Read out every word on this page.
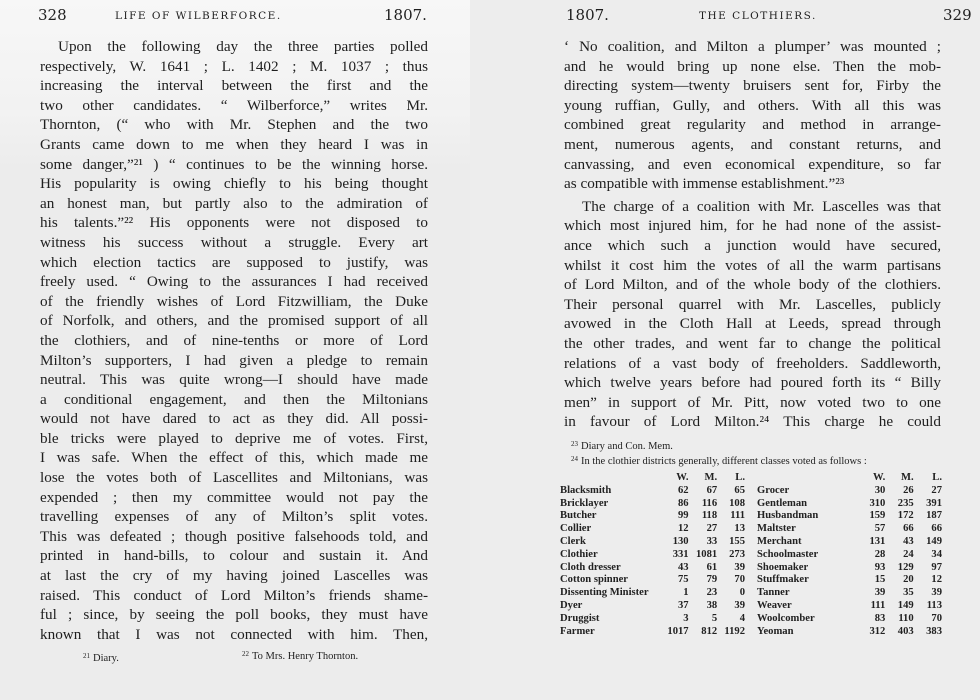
328	LIFE OF WILBERFORCE.	1807.
Upon the following day the three parties polled
respectively, W. 1641 ; L. 1402 ; M. 1037 ; thus
increasing the interval between the first and the
two other candidates. “ Wilberforce,” writes Mr.
Thornton, (“ who with Mr. Stephen and the two
Grants came down to me when they heard I was in
some danger,”²¹ ) “ continues to be the winning horse.
His popularity is owing chiefly to his being thought
an honest man, but partly also to the admiration of
his talents.”²² His opponents were not disposed to
witness his success without a struggle. Every art
which election tactics are supposed to justify, was
freely used. “ Owing to the assurances I had received
of the friendly wishes of Lord Fitzwilliam, the Duke
of Norfolk, and others, and the promised support of all
the clothiers, and of nine-tenths or more of Lord
Milton’s supporters, I had given a pledge to remain
neutral. This was quite wrong—I should have made
a conditional engagement, and then the Miltonians
would not have dared to act as they did. All possi-
ble tricks were played to deprive me of votes. First,
I was safe. When the effect of this, which made me
lose the votes both of Lascellites and Miltonians, was
expended ; then my committee would not pay the
travelling expenses of any of Milton’s split votes.
This was defeated ; though positive falsehoods told, and
printed in hand-bills, to colour and sustain it. And
at last the cry of my having joined Lascelles was
raised. This conduct of Lord Milton’s friends shame-
ful ; since, by seeing the poll books, they must have
known that I was not connected with him. Then,
$^{21}$ Diary.	$^{22}$ To Mrs. Henry Thornton.
1807.	THE CLOTHIERS.	329
‘ No coalition, and Milton a plumper’ was mounted ;
and he would bring up none else. Then the mob-
directing system—twenty bruisers sent for, Firby the
young ruffian, Gully, and others. With all this was
combined great regularity and method in arrange-
ment, numerous agents, and constant returns, and
canvassing, and even economical expenditure, so far
as compatible with immense establishment.”²³
The charge of a coalition with Mr. Lascelles was that
which most injured him, for he had none of the assist-
ance which such a junction would have secured,
whilst it cost him the votes of all the warm partisans
of Lord Milton, and of the whole body of the clothiers.
Their personal quarrel with Mr. Lascelles, publicly
avowed in the Cloth Hall at Leeds, spread through
the other trades, and went far to change the political
relations of a vast body of freeholders. Saddleworth,
which twelve years before had poured forth its “ Billy
men” in support of Mr. Pitt, now voted two to one
in favour of Lord Milton.²⁴ This charge he could
$^{23}$ Diary and Con. Mem.
$^{24}$ In the clothier districts generally, different classes voted as follows :
	W.	M.	L.
Blacksmith	62	67	65
Bricklayer	86	116	108
Butcher	99	118	111
Collier	12	27	13
Clerk	130	33	155
Clothier	331	1081	273
Cloth dresser	43	61	39
Cotton spinner	75	79	70
Dissenting Minister	1	23	0
Dyer	37	38	39
Druggist	3	5	4
Farmer	1017	812	1192
	W.	M.	L.
Grocer	30	26	27
Gentleman	310	235	391
Husbandman	159	172	187
Maltster	57	66	66
Merchant	131	43	149
Schoolmaster	28	24	34
Shoemaker	93	129	97
Stuffmaker	15	20	12
Tanner	39	35	39
Weaver	111	149	113
Woolcomber	83	110	70
Yeoman	312	403	383
